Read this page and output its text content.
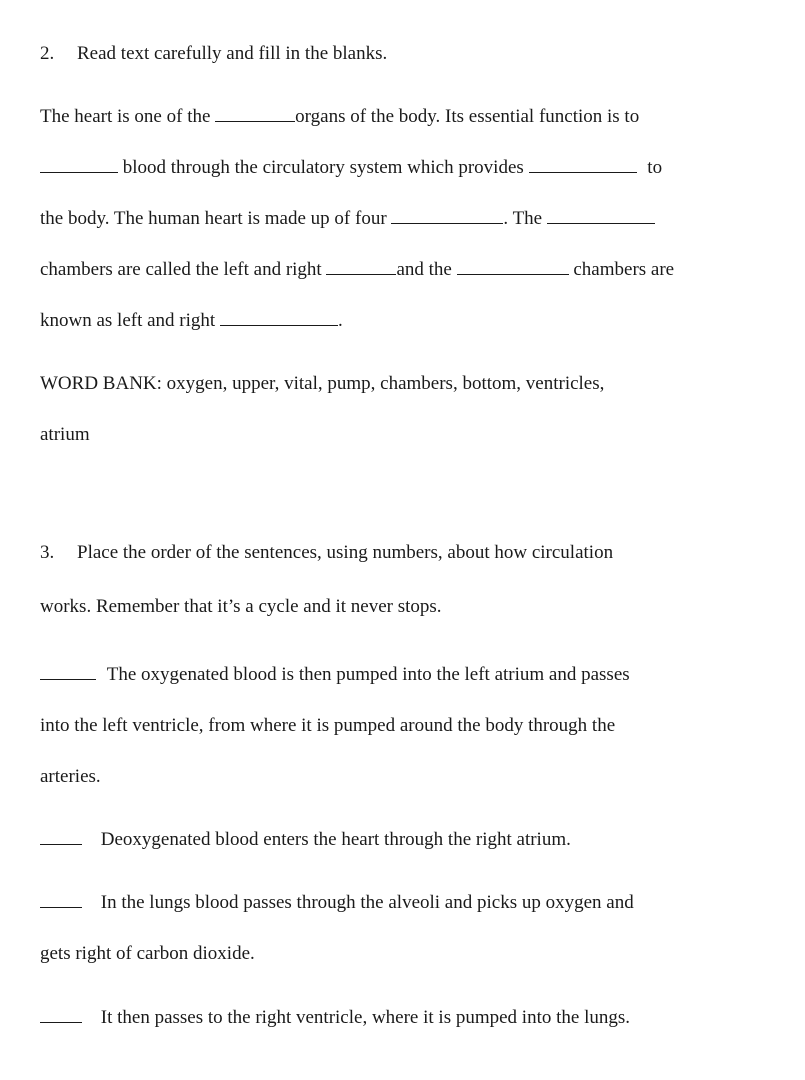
2. Read text carefully and fill in the blanks.
The heart is one of the	organs of the body. Its essential function is to
blood through the circulatory system which provides	to
the body. The human heart is made up of four	. The
chambers are called the left and right	and the	chambers are
known as left and right	.
WORD BANK: oxygen, upper, vital, pump, chambers, bottom, ventricles,
atrium
3. Place the order of the sentences, using numbers, about how circulation
works. Remember that it’s a cycle and it never stops.
The oxygenated blood is then pumped into the left atrium and passes
into the left ventricle, from where it is pumped around the body through the
arteries.
Deoxygenated blood enters the heart through the right atrium.
In the lungs blood passes through the alveoli and picks up oxygen and
gets right of carbon dioxide.
It then passes to the right ventricle, where it is pumped into the lungs.
